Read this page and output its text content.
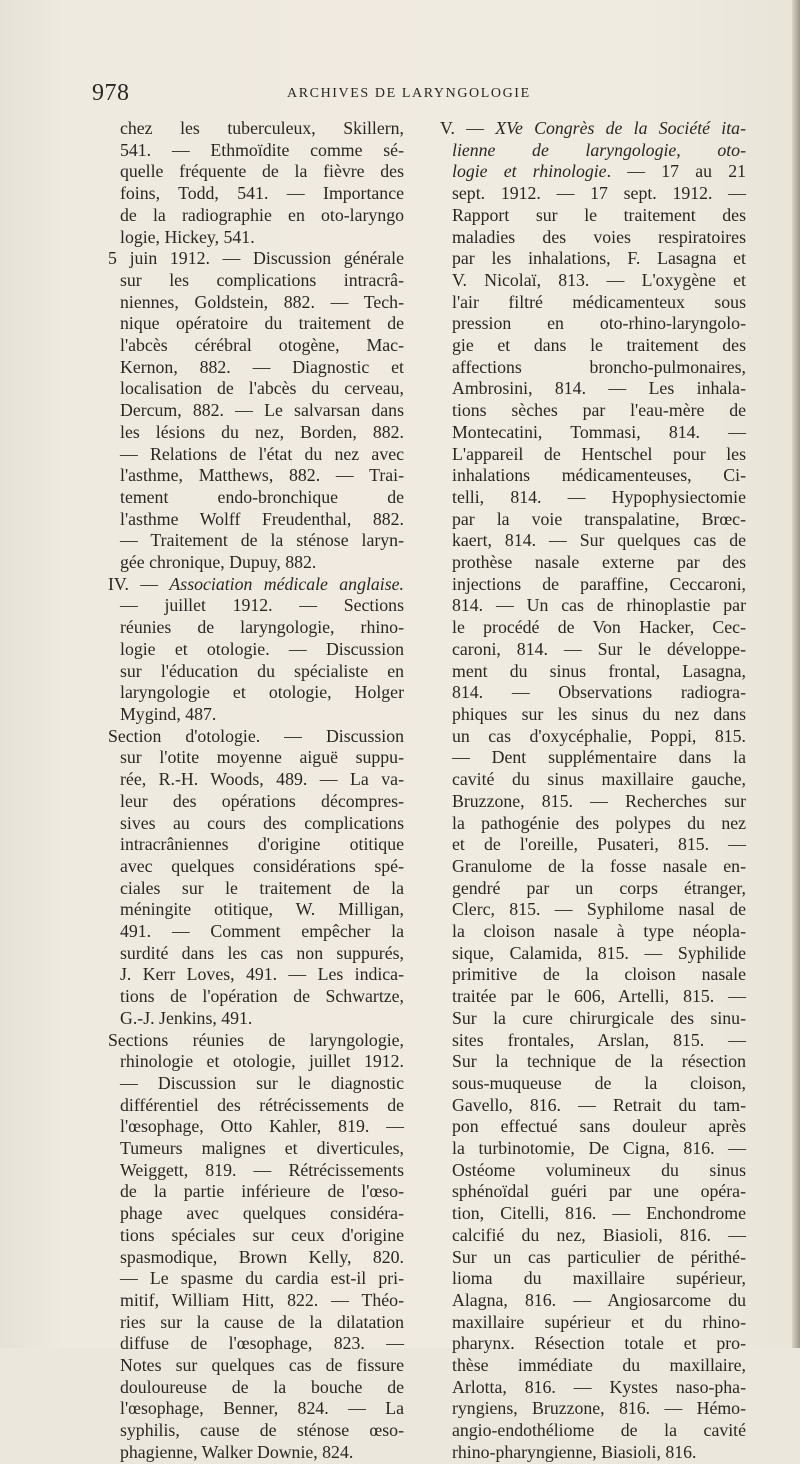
978	ARCHIVES DE LARYNGOLOGIE
chez les tuberculeux, Skillern,
541. — Ethmoïdite comme sé-
quelle fréquente de la fièvre des
foins, Todd, 541. — Importance
de la radiographie en oto-laryngo
logie, Hickey, 541.
5 juin 1912. — Discussion générale
sur les complications intracrâ-
niennes, Goldstein, 882. — Tech-
nique opératoire du traitement de
l'abcès cérébral otogène, Mac-
Kernon, 882. — Diagnostic et
localisation de l'abcès du cerveau,
Dercum, 882. — Le salvarsan dans
les lésions du nez, Borden, 882.
— Relations de l'état du nez avec
l'asthme, Matthews, 882. — Trai-
tement endo-bronchique de
l'asthme Wolff Freudenthal, 882.
— Traitement de la sténose laryn-
gée chronique, Dupuy, 882.
IV. — Association médicale anglaise.
— juillet 1912. — Sections
réunies de laryngologie, rhino-
logie et otologie. — Discussion
sur l'éducation du spécialiste en
laryngologie et otologie, Holger
Mygind, 487.
Section d'otologie. — Discussion
sur l'otite moyenne aiguë suppu-
rée, R.-H. Woods, 489. — La va-
leur des opérations décompres-
sives au cours des complications
intracrâniennes d'origine otitique
avec quelques considérations spé-
ciales sur le traitement de la
méningite otitique, W. Milligan,
491. — Comment empêcher la
surdité dans les cas non suppurés,
J. Kerr Loves, 491. — Les indica-
tions de l'opération de Schwartze,
G.-J. Jenkins, 491.
Sections réunies de laryngologie,
rhinologie et otologie, juillet 1912.
— Discussion sur le diagnostic
différentiel des rétrécissements de
l'œsophage, Otto Kahler, 819. —
Tumeurs malignes et diverticules,
Weiggett, 819. — Rétrécissements
de la partie inférieure de l'œso-
phage avec quelques considéra-
tions spéciales sur ceux d'origine
spasmodique, Brown Kelly, 820.
— Le spasme du cardia est-il pri-
mitif, William Hitt, 822. — Théo-
ries sur la cause de la dilatation
diffuse de l'œsophage, 823. —
Notes sur quelques cas de fissure
douloureuse de la bouche de
l'œsophage, Benner, 824. — La
syphilis, cause de sténose œso-
phagienne, Walker Downie, 824.
V. — XVe Congrès de la Société ita-
lienne de laryngologie, oto-
logie et rhinologie. — 17 au 21
sept. 1912. — 17 sept. 1912. —
Rapport sur le traitement des
maladies des voies respiratoires
par les inhalations, F. Lasagna et
V. Nicolaï, 813. — L'oxygène et
l'air filtré médicamenteux sous
pression en oto-rhino-laryngolo-
gie et dans le traitement des
affections broncho-pulmonaires,
Ambrosini, 814. — Les inhala-
tions sèches par l'eau-mère de
Montecatini, Tommasi, 814. —
L'appareil de Hentschel pour les
inhalations médicamenteuses, Ci-
telli, 814. — Hypophysiectomie
par la voie transpalatine, Brœc-
kaert, 814. — Sur quelques cas de
prothèse nasale externe par des
injections de paraffine, Ceccaroni,
814. — Un cas de rhinoplastie par
le procédé de Von Hacker, Cec-
caroni, 814. — Sur le développe-
ment du sinus frontal, Lasagna,
814. — Observations radiogra-
phiques sur les sinus du nez dans
un cas d'oxycéphalie, Poppi, 815.
— Dent supplémentaire dans la
cavité du sinus maxillaire gauche,
Bruzzone, 815. — Recherches sur
la pathogénie des polypes du nez
et de l'oreille, Pusateri, 815. —
Granulome de la fosse nasale en-
gendré par un corps étranger,
Clerc, 815. — Syphilome nasal de
la cloison nasale à type néopla-
sique, Calamida, 815. — Syphilide
primitive de la cloison nasale
traitée par le 606, Artelli, 815. —
Sur la cure chirurgicale des sinu-
sites frontales, Arslan, 815. —
Sur la technique de la résection
sous-muqueuse de la cloison,
Gavello, 816. — Retrait du tam-
pon effectué sans douleur après
la turbinotomie, De Cigna, 816. —
Ostéome volumineux du sinus
sphénoïdal guéri par une opéra-
tion, Citelli, 816. — Enchondrome
calcifié du nez, Biasioli, 816. —
Sur un cas particulier de périthé-
lioma du maxillaire supérieur,
Alagna, 816. — Angiosarcome du
maxillaire supérieur et du rhino-
pharynx. Résection totale et pro-
thèse immédiate du maxillaire,
Arlotta, 816. — Kystes naso-pha-
ryngiens, Bruzzone, 816. — Hémo-
angio-endothéliome de la cavité
rhino-pharyngienne, Biasioli, 816.
